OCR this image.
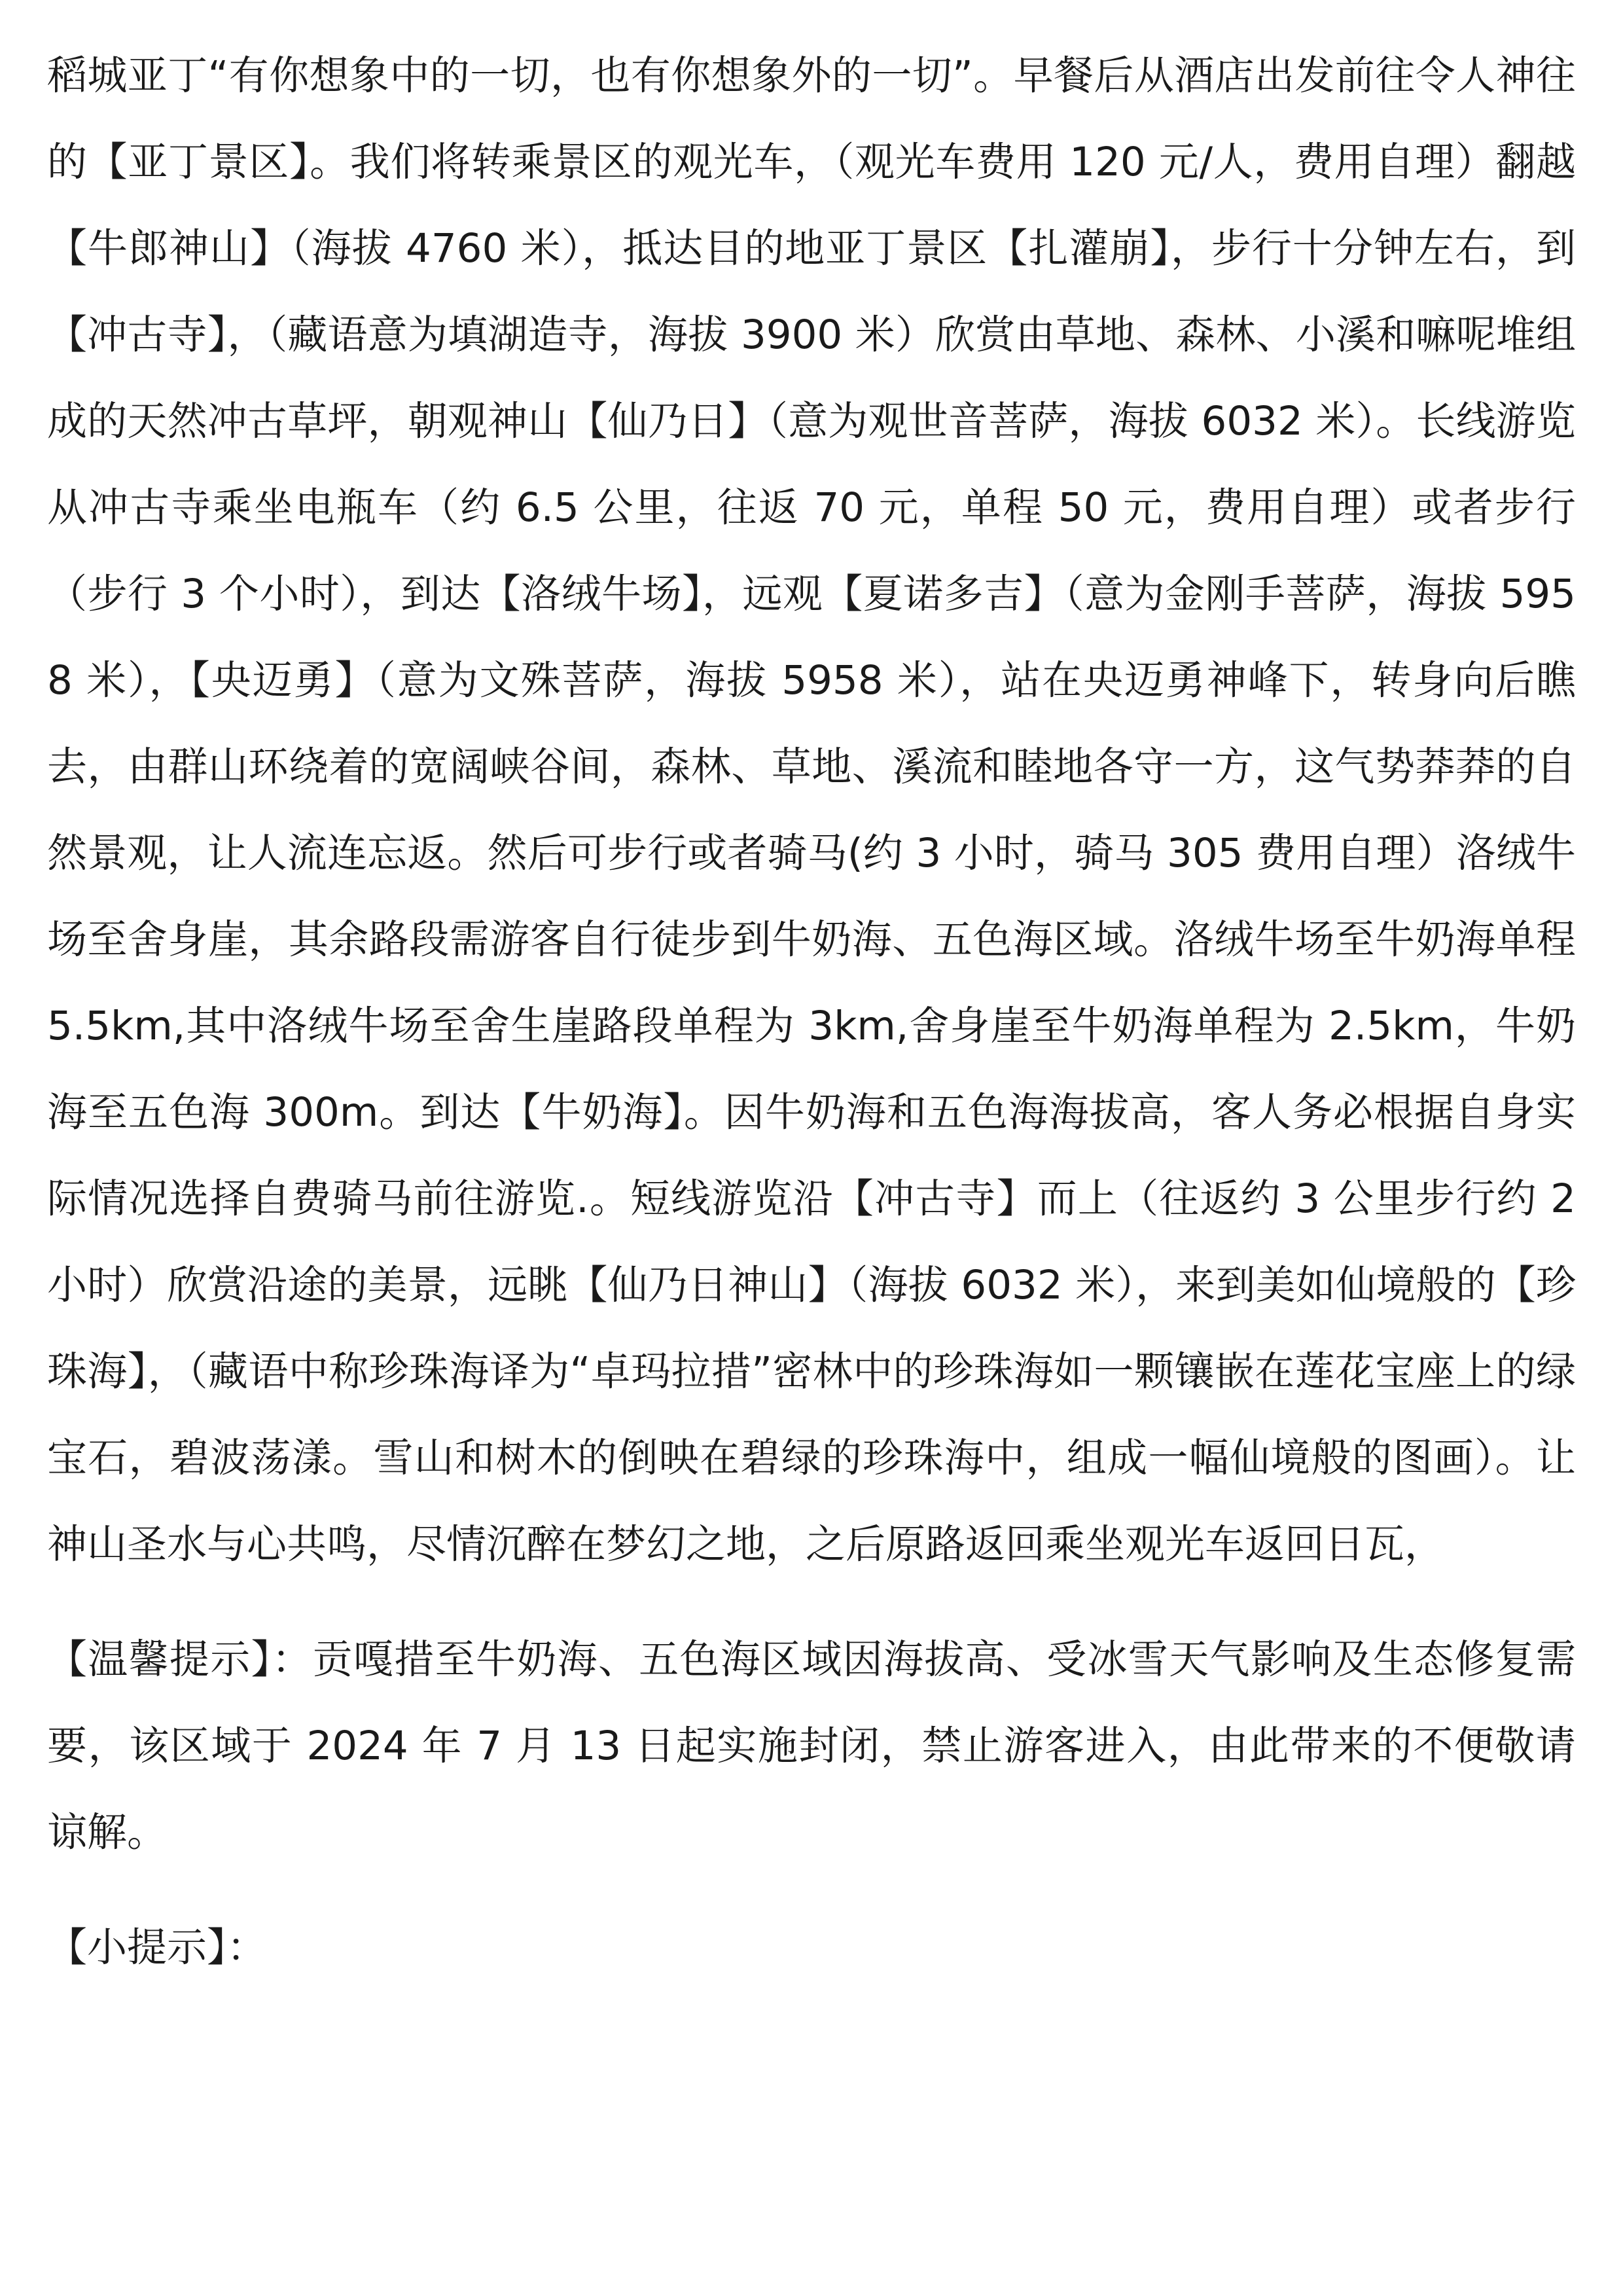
稻城亚丁“有你想象中的一切，也有你想象外的一切”。早餐后从酒店出发前往令人神往的【亚丁景区】。我们将转乘景区的观光车，（观光车费用 120 元/人，费用自理）翻越【牛郎神山】（海拔 4760 米），抵达目的地亚丁景区【扎灌崩】，步行十分钟左右，到【冲古寺】，（藏语意为填湖造寺，海拔 3900 米）欣赏由草地、森林、小溪和嘛呢堆组成的天然冲古草坪，朝观神山【仙乃日】（意为观世音菩萨，海拔 6032 米）。长线游览从冲古寺乘坐电瓶车（约 6.5 公里，往返 70 元，单程 50 元，费用自理）或者步行（步行 3 个小时），到达【洛绒牛场】，远观【夏诺多吉】（意为金刚手菩萨，海拔 5958 米），【央迈勇】（意为文殊菩萨，海拔 5958 米），站在央迈勇神峰下，转身向后瞧去，由群山环绕着的宽阔峡谷间，森林、草地、溪流和睦地各守一方，这气势莽莽的自然景观，让人流连忘返。然后可步行或者骑马(约 3 小时，骑马 305 费用自理）洛绒牛场至舍身崖，其余路段需游客自行徒步到牛奶海、五色海区域。洛绒牛场至牛奶海单程 5.5km,其中洛绒牛场至舍生崖路段单程为 3km,舍身崖至牛奶海单程为 2.5km，牛奶海至五色海 300m。到达【牛奶海】。因牛奶海和五色海海拔高，客人务必根据自身实际情况选择自费骑马前往游览.。短线游览沿【冲古寺】而上（往返约 3 公里步行约 2 小时）欣赏沿途的美景，远眺【仙乃日神山】（海拔 6032 米），来到美如仙境般的【珍珠海】，（藏语中称珍珠海译为“卓玛拉措”密林中的珍珠海如一颗镶嵌在莲花宝座上的绿宝石，碧波荡漾。雪山和树木的倒映在碧绿的珍珠海中，组成一幅仙境般的图画）。让神山圣水与心共鸣，尽情沉醉在梦幻之地，之后原路返回乘坐观光车返回日瓦，

【温馨提示】：贡嘎措至牛奶海、五色海区域因海拔高、受冰雪天气影响及生态修复需要，该区域于 2024 年 7 月 13 日起实施封闭，禁止游客进入，由此带来的不便敬请谅解。

【小提示】：
